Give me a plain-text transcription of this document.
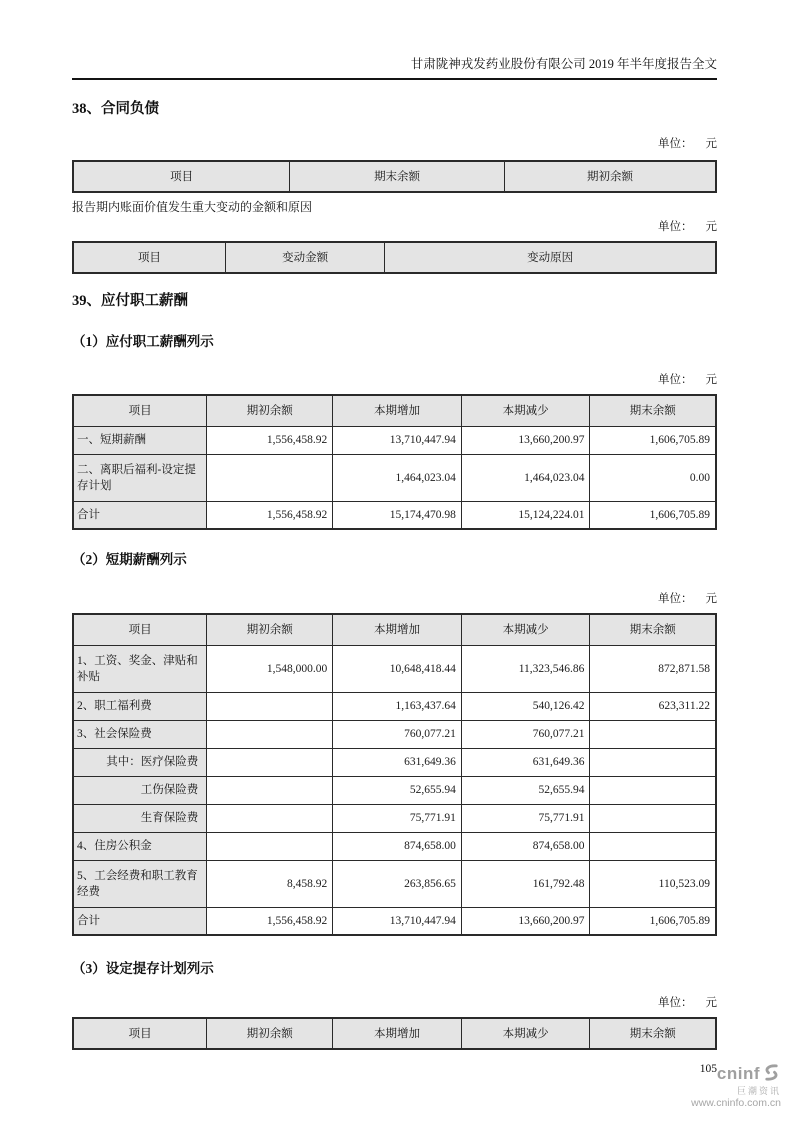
甘肃陇神戎发药业股份有限公司 2019 年半年度报告全文
38、合同负债
单位： 元
项目	期末余额	期初余额
报告期内账面价值发生重大变动的金额和原因
单位： 元
项目	变动金额	变动原因
39、应付职工薪酬
（1）应付职工薪酬列示
单位： 元
项目	期初余额	本期增加	本期减少	期末余额
一、短期薪酬	1,556,458.92	13,710,447.94	13,660,200.97	1,606,705.89
二、离职后福利-设定提存计划		1,464,023.04	1,464,023.04	0.00
合计	1,556,458.92	15,174,470.98	15,124,224.01	1,606,705.89
（2）短期薪酬列示
单位： 元
项目	期初余额	本期增加	本期减少	期末余额
1、工资、奖金、津贴和补贴	1,548,000.00	10,648,418.44	11,323,546.86	872,871.58
2、职工福利费		1,163,437.64	540,126.42	623,311.22
3、社会保险费		760,077.21	760,077.21	
其中：医疗保险费		631,649.36	631,649.36	
工伤保险费		52,655.94	52,655.94	
生育保险费		75,771.91	75,771.91	
4、住房公积金		874,658.00	874,658.00	
5、工会经费和职工教育经费	8,458.92	263,856.65	161,792.48	110,523.09
合计	1,556,458.92	13,710,447.94	13,660,200.97	1,606,705.89
（3）设定提存计划列示
单位： 元
项目	期初余额	本期增加	本期减少	期末余额
105 cninf
巨潮资讯
www.cninfo.com.cn
